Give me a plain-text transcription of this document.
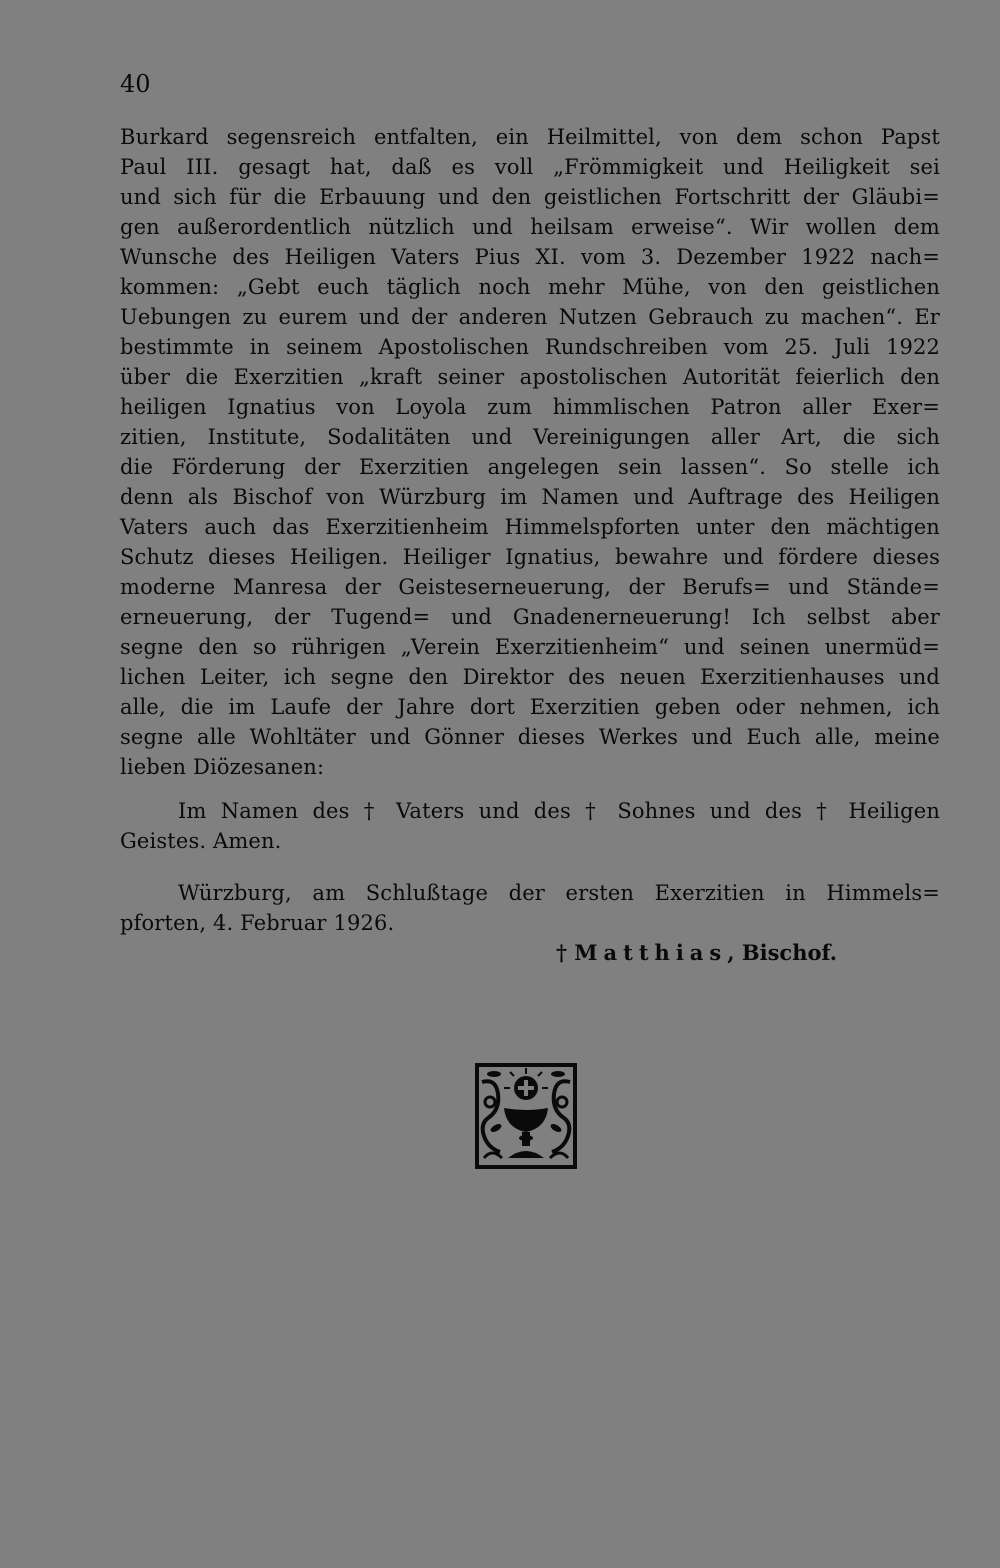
40
Burkard segensreich entfalten, ein Heilmittel, von dem schon Papst
Paul III. gesagt hat, daß es voll „Frömmigkeit und Heiligkeit sei
und sich für die Erbauung und den geistlichen Fortschritt der Gläubi=
gen außerordentlich nützlich und heilsam erweise“. Wir wollen dem
Wunsche des Heiligen Vaters Pius XI. vom 3. Dezember 1922 nach=
kommen: „Gebt euch täglich noch mehr Mühe, von den geistlichen
Uebungen zu eurem und der anderen Nutzen Gebrauch zu machen“. Er
bestimmte in seinem Apostolischen Rundschreiben vom 25. Juli 1922
über die Exerzitien „kraft seiner apostolischen Autorität feierlich den
heiligen Ignatius von Loyola zum himmlischen Patron aller Exer=
zitien, Institute, Sodalitäten und Vereinigungen aller Art, die sich
die Förderung der Exerzitien angelegen sein lassen“. So stelle ich
denn als Bischof von Würzburg im Namen und Auftrage des Heiligen
Vaters auch das Exerzitienheim Himmelspforten unter den mächtigen
Schutz dieses Heiligen. Heiliger Ignatius, bewahre und fördere dieses
moderne Manresa der Geisteserneuerung, der Berufs= und Stände=
erneuerung, der Tugend= und Gnadenerneuerung! Ich selbst aber
segne den so rührigen „Verein Exerzitienheim“ und seinen unermüd=
lichen Leiter, ich segne den Direktor des neuen Exerzitienhauses und
alle, die im Laufe der Jahre dort Exerzitien geben oder nehmen, ich
segne alle Wohltäter und Gönner dieses Werkes und Euch alle, meine
lieben Diözesanen:
Im Namen des † Vaters und des † Sohnes und des † Heiligen
Geistes. Amen.
Würzburg, am Schlußtage der ersten Exerzitien in Himmels=
pforten, 4. Februar 1926.
† Matthias, Bischof.
